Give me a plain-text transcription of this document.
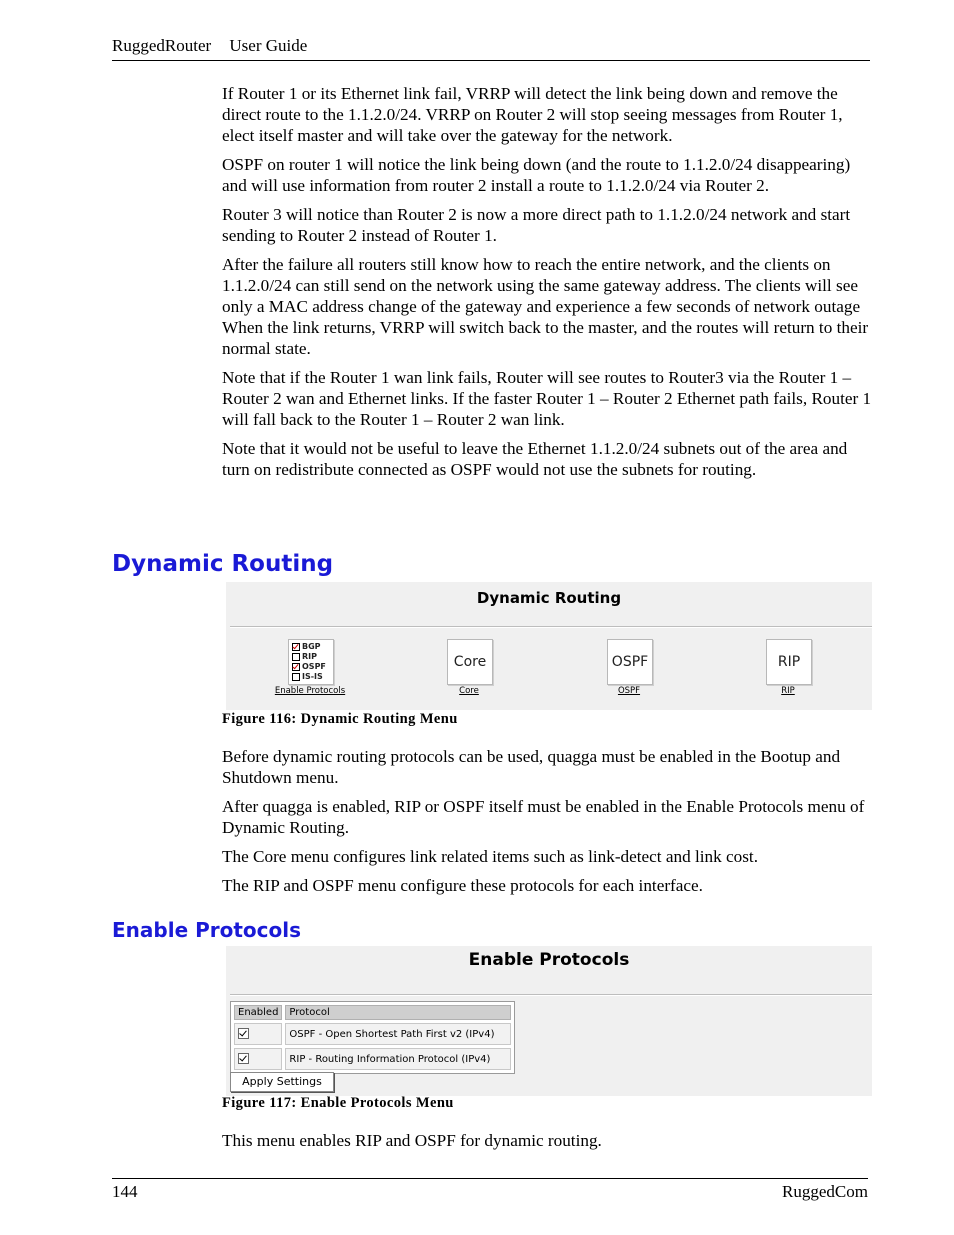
RuggedRouter User Guide

If Router 1 or its Ethernet link fail, VRRP will detect the link being down and remove the direct route to the 1.1.2.0/24. VRRP on Router 2 will stop seeing messages from Router 1, elect itself master and will take over the gateway for the network.

OSPF on router 1 will notice the link being down (and the route to 1.1.2.0/24 disappearing) and will use information from router 2 install a route to 1.1.2.0/24 via Router 2.

Router 3 will notice than Router 2 is now a more direct path to 1.1.2.0/24 network and start sending to Router 2 instead of Router 1.

After the failure all routers still know how to reach the entire network, and the clients on 1.1.2.0/24 can still send on the network using the same gateway address. The clients will see only a MAC address change of the gateway and experience a few seconds of network outage When the link returns, VRRP will switch back to the master, and the routes will return to their normal state.

Note that if the Router 1 wan link fails, Router will see routes to Router3 via the Router 1 – Router 2 wan and Ethernet links. If the faster Router 1 – Router 2 Ethernet path fails, Router 1 will fall back to the Router 1 – Router 2 wan link.

Note that it would not be useful to leave the Ethernet 1.1.2.0/24 subnets out of the area and turn on redistribute connected as OSPF would not use the subnets for routing.

Dynamic Routing
Dynamic Routing
BGP
RIP
OSPF
IS-IS
Enable Protocols
Core
Core
OSPF
OSPF
RIP
RIP
Figure 116: Dynamic Routing Menu

Before dynamic routing protocols can be used, quagga must be enabled in the Bootup and Shutdown menu.

After quagga is enabled, RIP or OSPF itself must be enabled in the Enable Protocols menu of Dynamic Routing.

The Core menu configures link related items such as link-detect and link cost.

The RIP and OSPF menu configure these protocols for each interface.

Enable Protocols
Enable Protocols
Enabled	Protocol
	OSPF - Open Shortest Path First v2 (IPv4)
	RIP - Routing Information Protocol (IPv4)
Apply Settings
Figure 117: Enable Protocols Menu

This menu enables RIP and OSPF for dynamic routing.

144	RuggedCom
